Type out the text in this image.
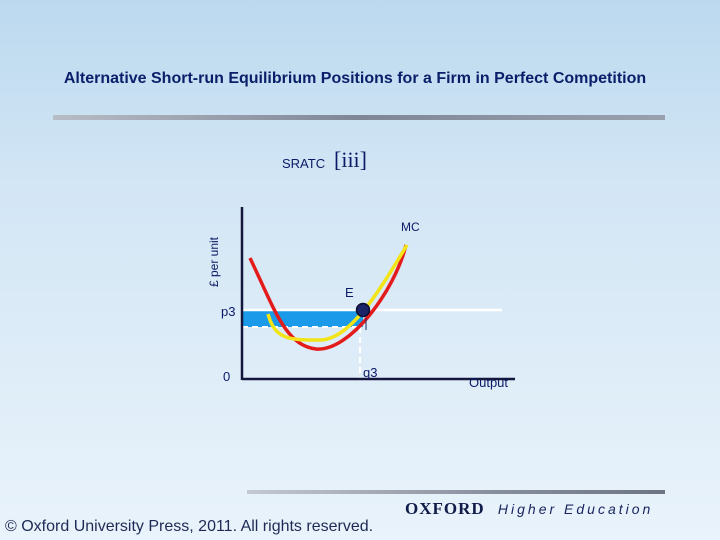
Alternative Short-run Equilibrium Positions for a Firm in Perfect Competition
SRATC [iii]
MC
E
£ per unit
p3
0	q3
Output
© Oxford University Press, 2011. All rights reserved.
OXFORD Higher Education
